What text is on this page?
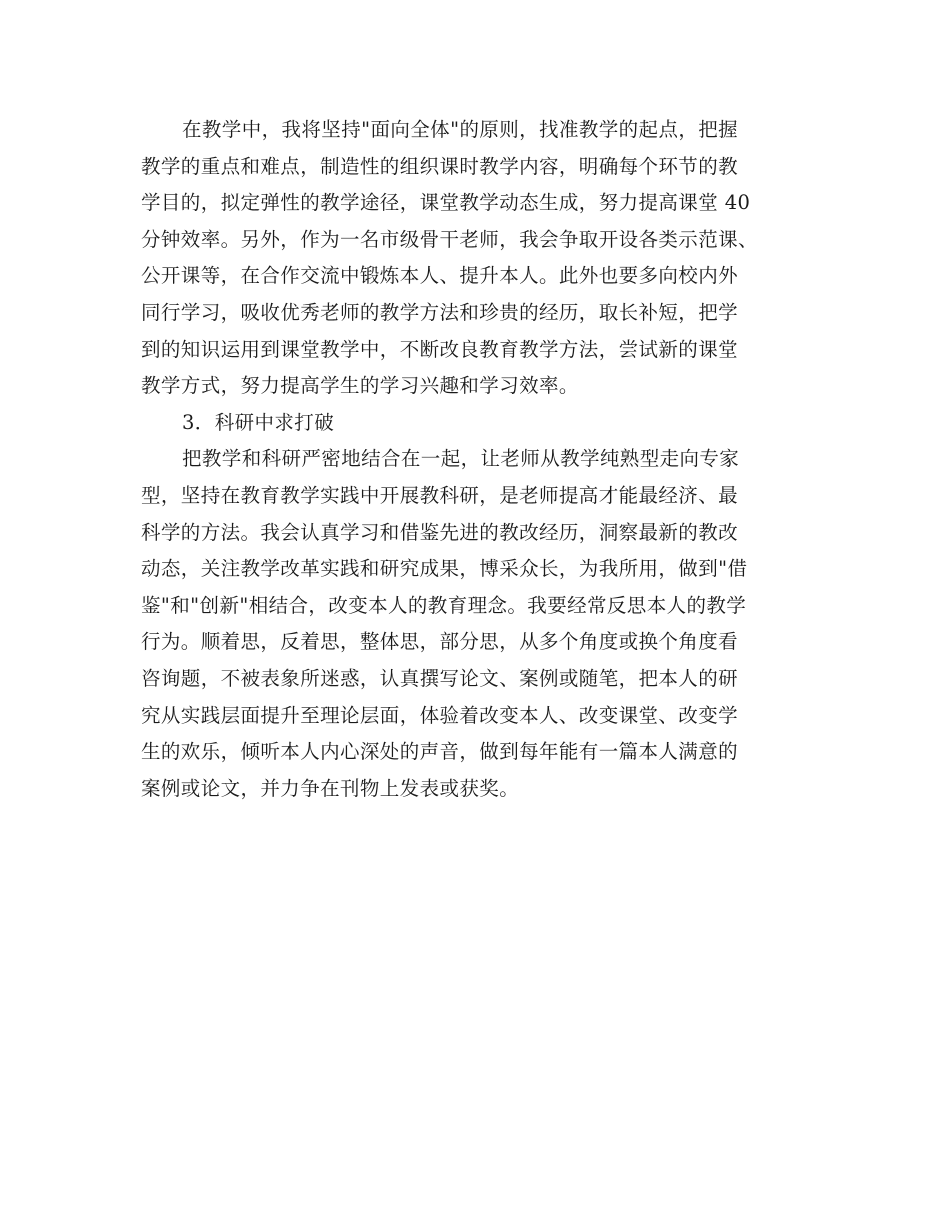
在教学中，我将坚持"面向全体"的原则，找准教学的起点，把握
教学的重点和难点，制造性的组织课时教学内容，明确每个环节的教
学目的，拟定弹性的教学途径，课堂教学动态生成，努力提高课堂 40
分钟效率。另外，作为一名市级骨干老师，我会争取开设各类示范课、
公开课等，在合作交流中锻炼本人、提升本人。此外也要多向校内外
同行学习，吸收优秀老师的教学方法和珍贵的经历，取长补短，把学
到的知识运用到课堂教学中，不断改良教育教学方法，尝试新的课堂
教学方式，努力提高学生的学习兴趣和学习效率。
3．科研中求打破
把教学和科研严密地结合在一起，让老师从教学纯熟型走向专家
型，坚持在教育教学实践中开展教科研，是老师提高才能最经济、最
科学的方法。我会认真学习和借鉴先进的教改经历，洞察最新的教改
动态，关注教学改革实践和研究成果，博采众长，为我所用，做到"借
鉴"和"创新"相结合，改变本人的教育理念。我要经常反思本人的教学
行为。顺着思，反着思，整体思，部分思，从多个角度或换个角度看
咨询题，不被表象所迷惑，认真撰写论文、案例或随笔，把本人的研
究从实践层面提升至理论层面，体验着改变本人、改变课堂、改变学
生的欢乐，倾听本人内心深处的声音，做到每年能有一篇本人满意的
案例或论文，并力争在刊物上发表或获奖。
